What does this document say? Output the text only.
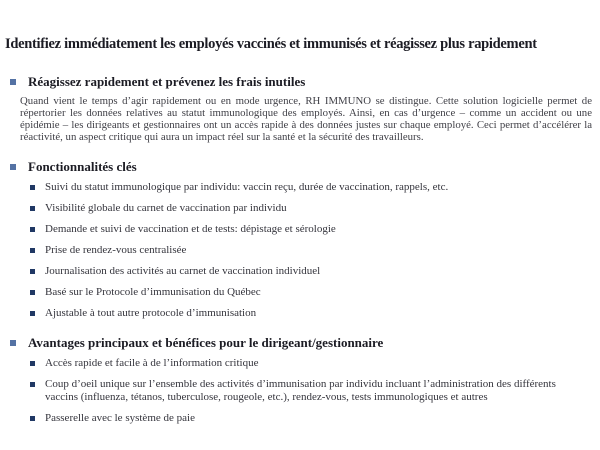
Identifiez immédiatement les employés vaccinés et immunisés et réagissez plus rapidement
Réagissez rapidement et prévenez les frais inutiles

Quand vient le temps d’agir rapidement ou en mode urgence, RH IMMUNO se distingue. Cette solution logicielle permet de répertorier les données relatives au statut immunologique des employés. Ainsi, en cas d’urgence – comme un accident ou une épidémie – les dirigeants et gestionnaires ont un accès rapide à des données justes sur chaque employé. Ceci permet d’accélérer la réactivité, un aspect critique qui aura un impact réel sur la santé et la sécurité des travailleurs.

Fonctionnalités clés
Suivi du statut immunologique par individu: vaccin reçu, durée de vaccination, rappels, etc.
Visibilité globale du carnet de vaccination par individu
Demande et suivi de vaccination et de tests: dépistage et sérologie
Prise de rendez-vous centralisée
Journalisation des activités au carnet de vaccination individuel
Basé sur le Protocole d’immunisation du Québec
Ajustable à tout autre protocole d’immunisation
Avantages principaux et bénéfices pour le dirigeant/gestionnaire
Accès rapide et facile à de l’information critique
Coup d’oeil unique sur l’ensemble des activités d’immunisation par individu incluant l’administration des différents vaccins (influenza, tétanos, tuberculose, rougeole, etc.), rendez-vous, tests immunologiques et autres
Passerelle avec le système de paie
